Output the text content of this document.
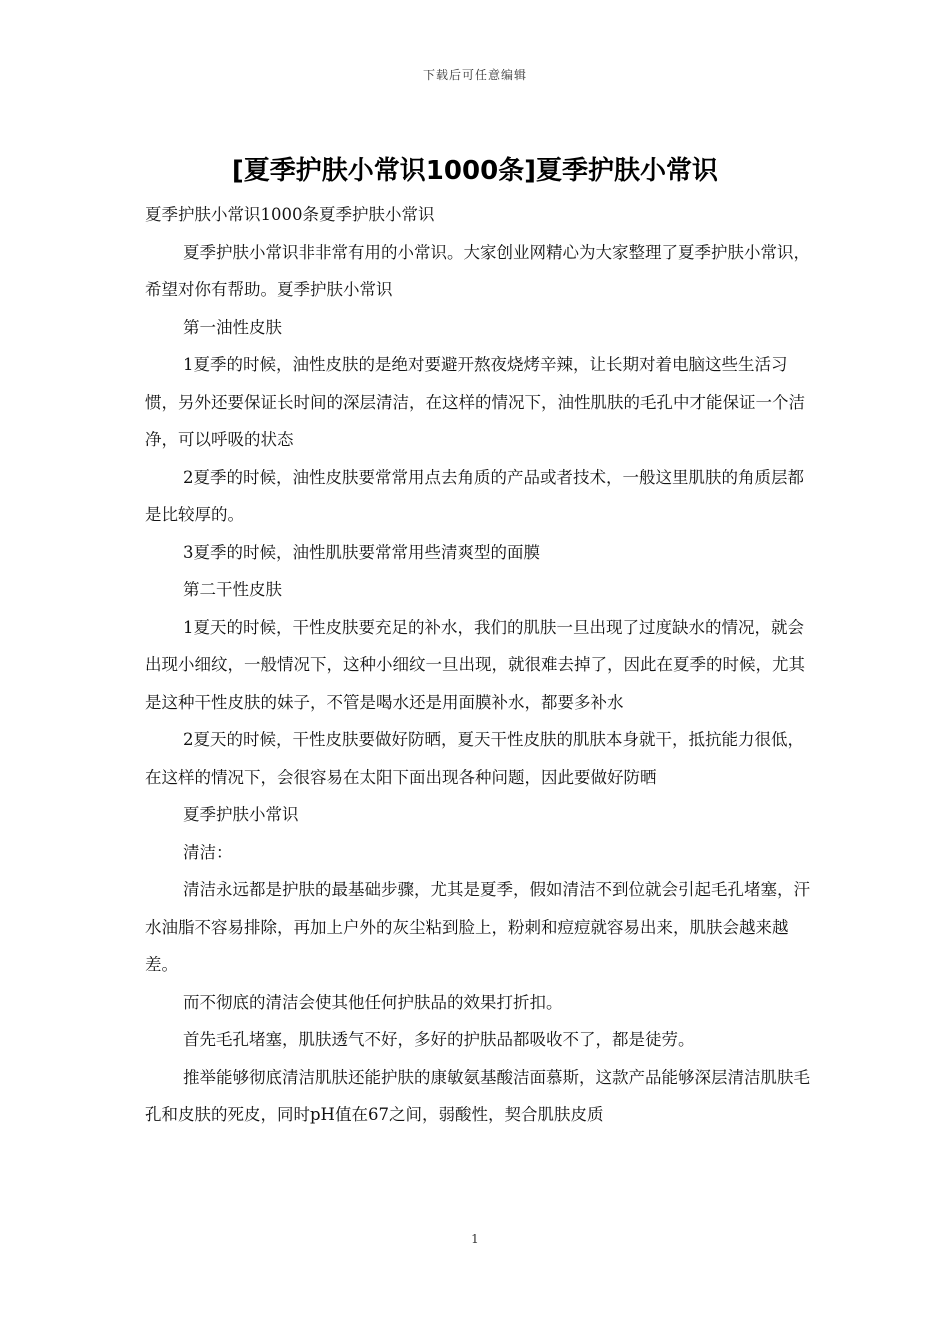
下载后可任意编辑
[夏季护肤小常识1000条]夏季护肤小常识

夏季护肤小常识1000条夏季护肤小常识

夏季护肤小常识非非常有用的小常识。大家创业网精心为大家整理了夏季护肤小常识，希望对你有帮助。夏季护肤小常识

第一油性皮肤

1夏季的时候，油性皮肤的是绝对要避开熬夜烧烤辛辣，让长期对着电脑这些生活习惯，另外还要保证长时间的深层清洁，在这样的情况下，油性肌肤的毛孔中才能保证一个洁净，可以呼吸的状态

2夏季的时候，油性皮肤要常常用点去角质的产品或者技术，一般这里肌肤的角质层都是比较厚的。

3夏季的时候，油性肌肤要常常用些清爽型的面膜

第二干性皮肤

1夏天的时候，干性皮肤要充足的补水，我们的肌肤一旦出现了过度缺水的情况，就会出现小细纹，一般情况下，这种小细纹一旦出现，就很难去掉了，因此在夏季的时候，尤其是这种干性皮肤的妹子，不管是喝水还是用面膜补水，都要多补水

2夏天的时候，干性皮肤要做好防晒，夏天干性皮肤的肌肤本身就干，抵抗能力很低，在这样的情况下，会很容易在太阳下面出现各种问题，因此要做好防晒

夏季护肤小常识

清洁：

清洁永远都是护肤的最基础步骤，尤其是夏季，假如清洁不到位就会引起毛孔堵塞，汗水油脂不容易排除，再加上户外的灰尘粘到脸上，粉刺和痘痘就容易出来，肌肤会越来越差。

而不彻底的清洁会使其他任何护肤品的效果打折扣。

首先毛孔堵塞，肌肤透气不好，多好的护肤品都吸收不了，都是徒劳。

推举能够彻底清洁肌肤还能护肤的康敏氨基酸洁面慕斯，这款产品能够深层清洁肌肤毛孔和皮肤的死皮，同时pH值在67之间，弱酸性，契合肌肤皮质

1
